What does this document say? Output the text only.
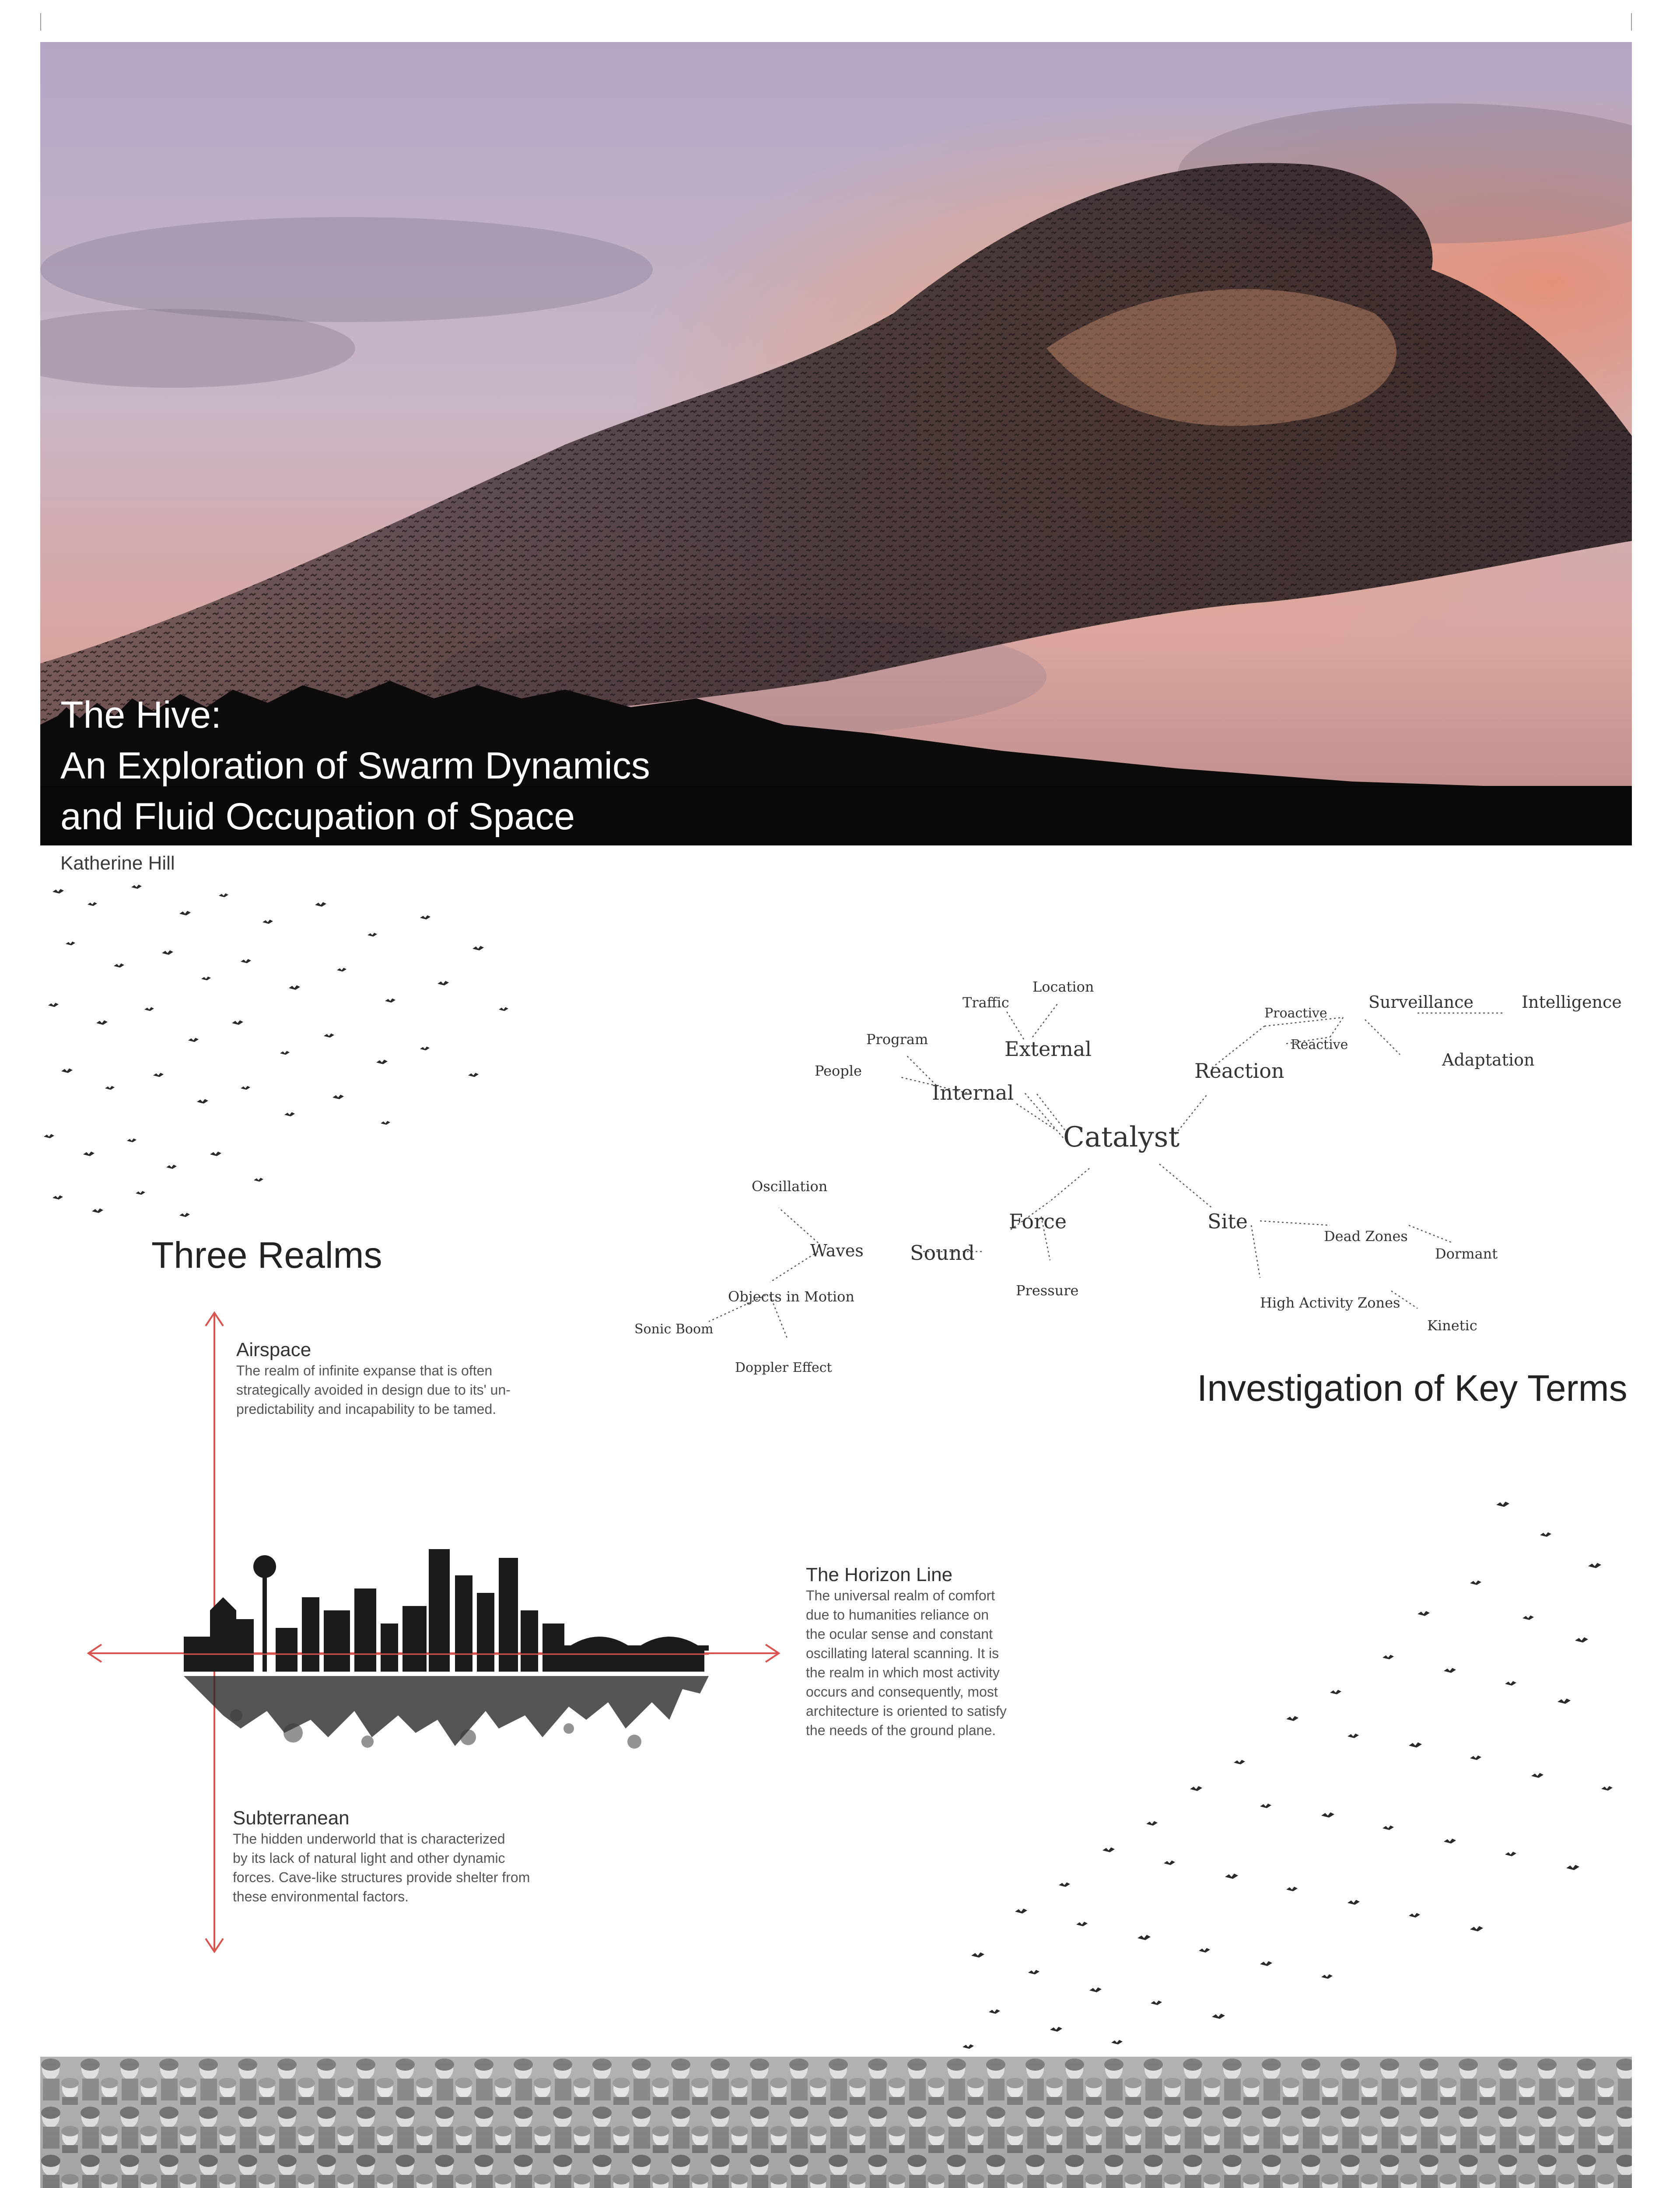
The Hive:
An Exploration of Swarm Dynamics
and Fluid Occupation of Space
Katherine Hill
Three Realms
Airspace
The realm of infinite expanse that is often
strategically avoided in design due to its' un-
predictability and incapability to be tamed.
The Horizon Line
The universal realm of comfort
due to humanities reliance on
the ocular sense and constant
oscillating lateral scanning. It is
the realm in which most activity
occurs and consequently, most
architecture is oriented to satisfy
the needs of the ground plane.
Subterranean
The hidden underworld that is characterized
by its lack of natural light and other dynamic
forces. Cave-like structures provide shelter from
these environmental factors.
Catalyst
External
Internal
Reaction
Force
Sound
Site
Traffic
Location
Program
People
Proactive
Reactive
Surveillance	Intelligence
Adaptation
Oscillation
Waves
Objects in Motion
Sonic Boom
Doppler Effect
Pressure
Dead Zones
Dormant
High Activity Zones
Kinetic
Investigation of Key Terms
